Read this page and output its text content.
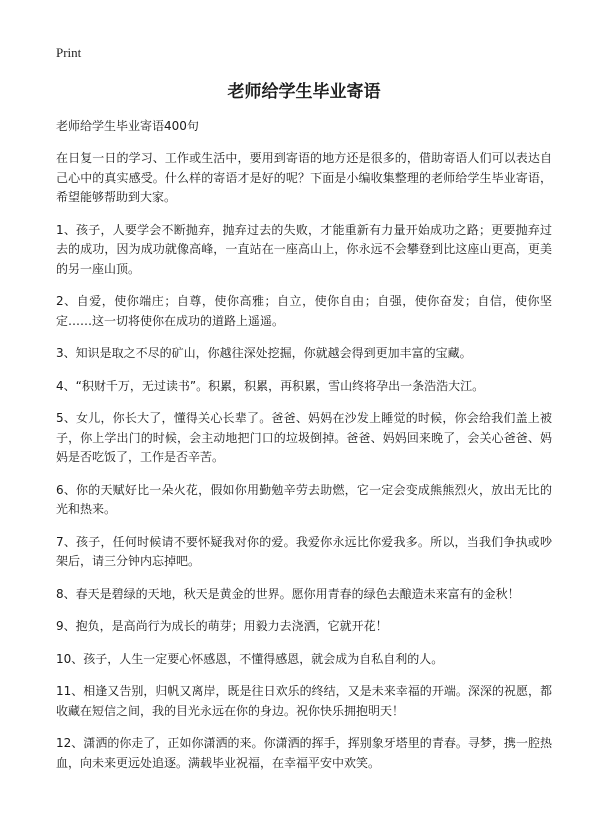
Print
老师给学生毕业寄语
老师给学生毕业寄语400句
在日复一日的学习、工作或生活中，要用到寄语的地方还是很多的，借助寄语人们可以表达自己心中的真实感受。什么样的寄语才是好的呢？下面是小编收集整理的老师给学生毕业寄语，希望能够帮助到大家。
1、孩子，人要学会不断抛弃，抛弃过去的失败，才能重新有力量开始成功之路；更要抛弃过去的成功，因为成功就像高峰，一直站在一座高山上，你永远不会攀登到比这座山更高，更美的另一座山顶。
2、自爱，使你端庄；自尊，使你高雅；自立，使你自由；自强，使你奋发；自信，使你坚定……这一切将使你在成功的道路上遥遥。
3、知识是取之不尽的矿山，你越往深处挖掘，你就越会得到更加丰富的宝藏。
4、“积财千万，无过读书”。积累，积累，再积累，雪山终将孕出一条浩浩大江。
5、女儿，你长大了，懂得关心长辈了。爸爸、妈妈在沙发上睡觉的时候，你会给我们盖上被子，你上学出门的时候，会主动地把门口的垃圾倒掉。爸爸、妈妈回来晚了，会关心爸爸、妈妈是否吃饭了，工作是否辛苦。
6、你的天赋好比一朵火花，假如你用勤勉辛劳去助燃，它一定会变成熊熊烈火，放出无比的光和热来。
7、孩子，任何时候请不要怀疑我对你的爱。我爱你永远比你爱我多。所以，当我们争执或吵架后，请三分钟内忘掉吧。
8、春天是碧绿的天地，秋天是黄金的世界。愿你用青春的绿色去酿造未来富有的金秋！
9、抱负，是高尚行为成长的萌芽；用毅力去浇洒，它就开花！
10、孩子，人生一定要心怀感恩，不懂得感恩，就会成为自私自利的人。
11、相逢又告别，归帆又离岸，既是往日欢乐的终结，又是未来幸福的开端。深深的祝愿，都收藏在短信之间，我的目光永远在你的身边。祝你快乐拥抱明天！
12、潇洒的你走了，正如你潇洒的来。你潇洒的挥手，挥别象牙塔里的青春。寻梦，携一腔热血，向未来更远处追逐。满载毕业祝福，在幸福平安中欢笑。
